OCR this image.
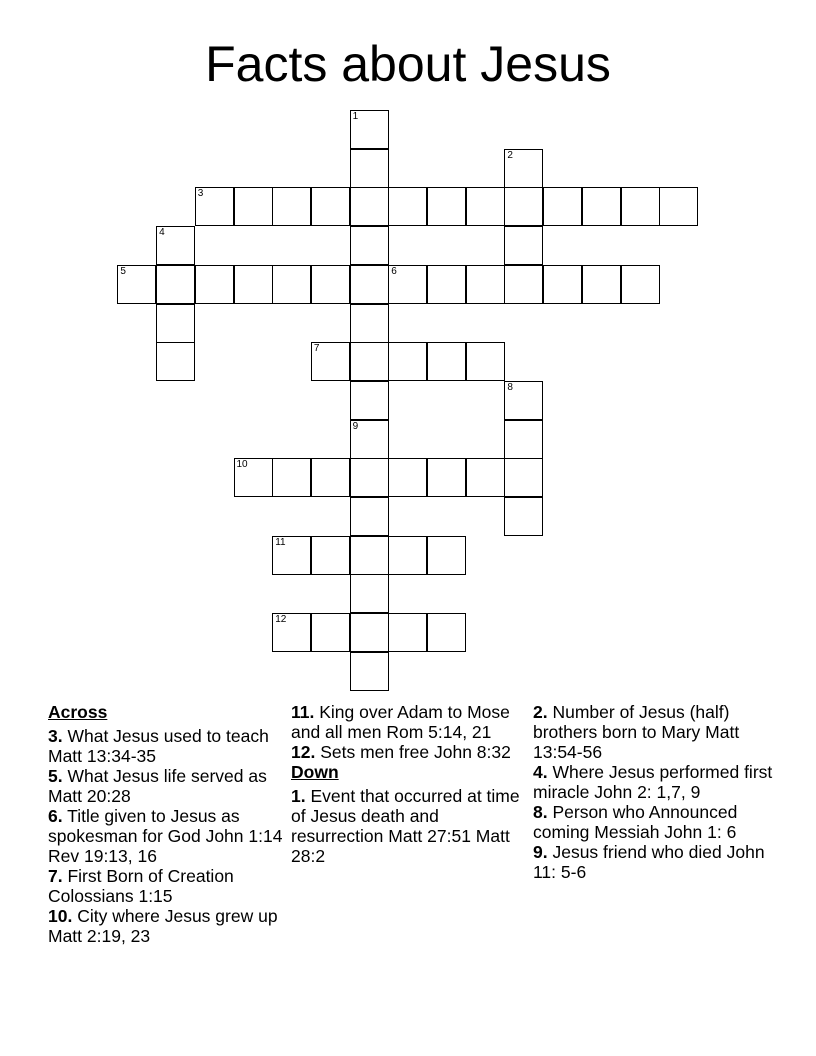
Facts about Jesus
1
2
3
4
5	6
7
8
9
10
11
12
Across
3. What Jesus used to teach Matt 13:34-35
5. What Jesus life served as Matt 20:28
6. Title given to Jesus as spokesman for God John 1:14 Rev 19:13, 16
7. First Born of Creation Colossians 1:15
10. City where Jesus grew up Matt 2:19, 23
11. King over Adam to Mose and all men Rom 5:14, 21
12. Sets men free John 8:32
Down
1. Event that occurred at time of Jesus death and resurrection Matt 27:51 Matt 28:2
2. Number of Jesus (half) brothers born to Mary Matt 13:54-56
4. Where Jesus performed first miracle John 2: 1,7, 9
8. Person who Announced coming Messiah John 1: 6
9. Jesus friend who died John 11: 5-6
